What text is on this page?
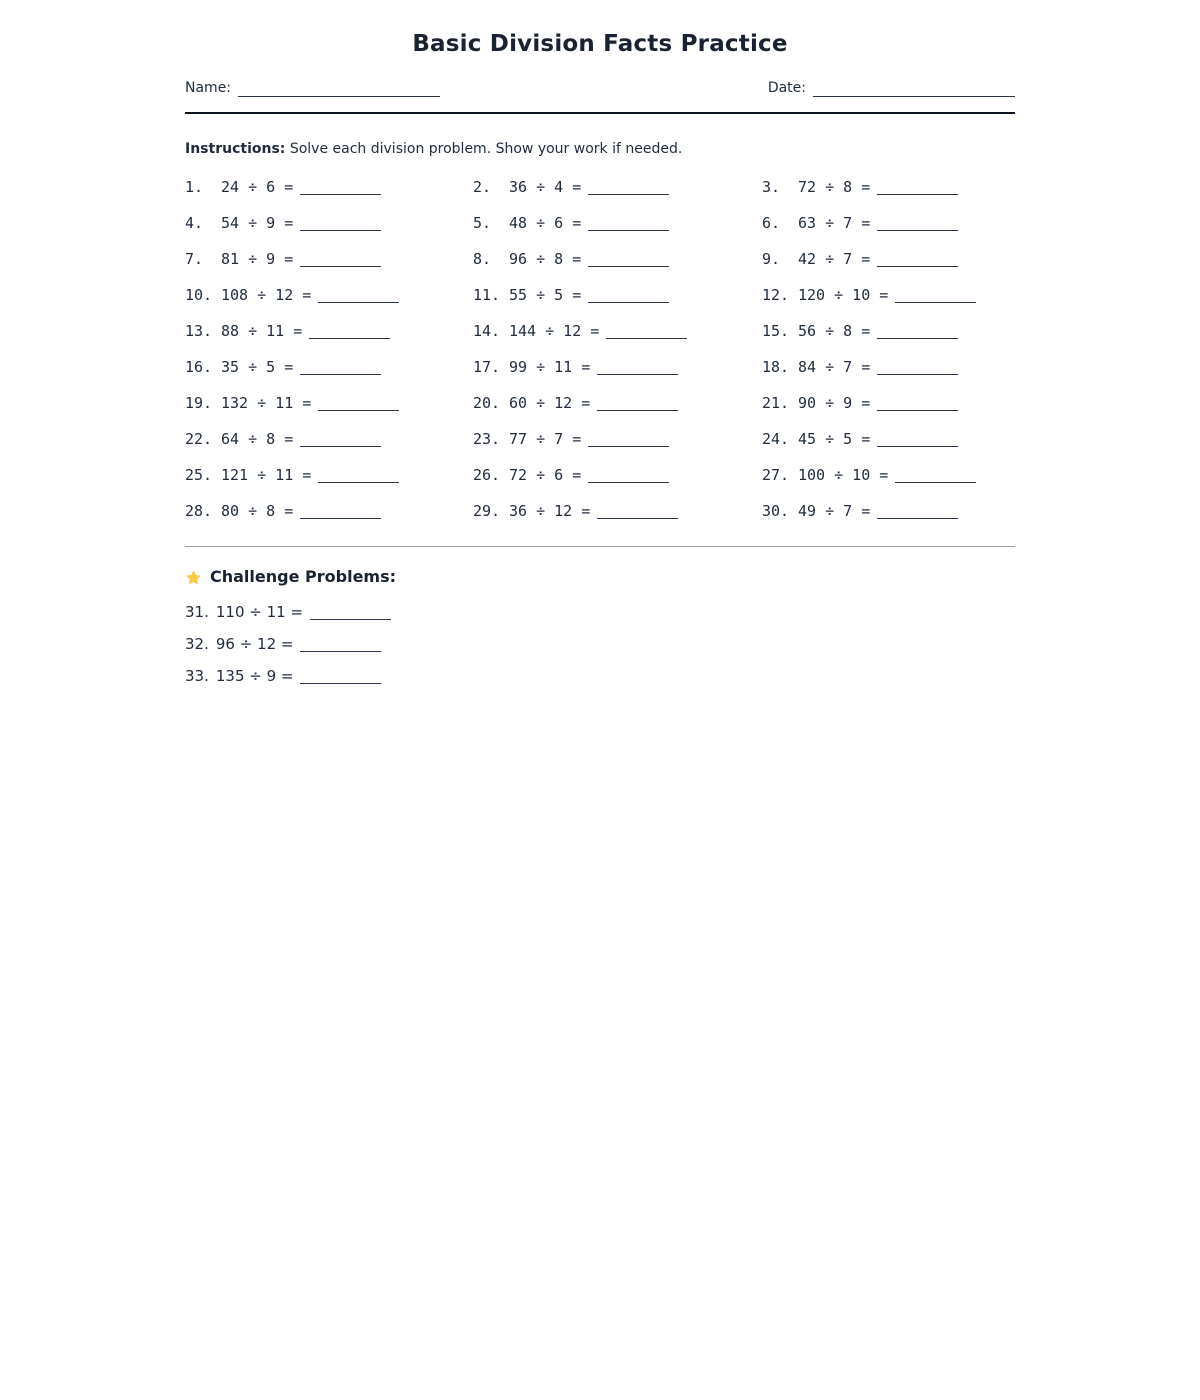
Basic Division Facts Practice
Name:	Date:

Instructions: Solve each division problem. Show your work if needed.

1. 24 ÷ 6 =	2. 36 ÷ 4 =	3. 72 ÷ 8 =
4. 54 ÷ 9 =	5. 48 ÷ 6 =	6. 63 ÷ 7 =
7. 81 ÷ 9 =	8. 96 ÷ 8 =	9. 42 ÷ 7 =
10. 108 ÷ 12 =	11. 55 ÷ 5 =	12. 120 ÷ 10 =
13. 88 ÷ 11 =	14. 144 ÷ 12 =	15. 56 ÷ 8 =
16. 35 ÷ 5 =	17. 99 ÷ 11 =	18. 84 ÷ 7 =
19. 132 ÷ 11 =	20. 60 ÷ 12 =	21. 90 ÷ 9 =
22. 64 ÷ 8 =	23. 77 ÷ 7 =	24. 45 ÷ 5 =
25. 121 ÷ 11 =	26. 72 ÷ 6 =	27. 100 ÷ 10 =
28. 80 ÷ 8 =	29. 36 ÷ 12 =	30. 49 ÷ 7 =
Challenge Problems:
31. 110 ÷ 11 =
32. 96 ÷ 12 =
33. 135 ÷ 9 =
